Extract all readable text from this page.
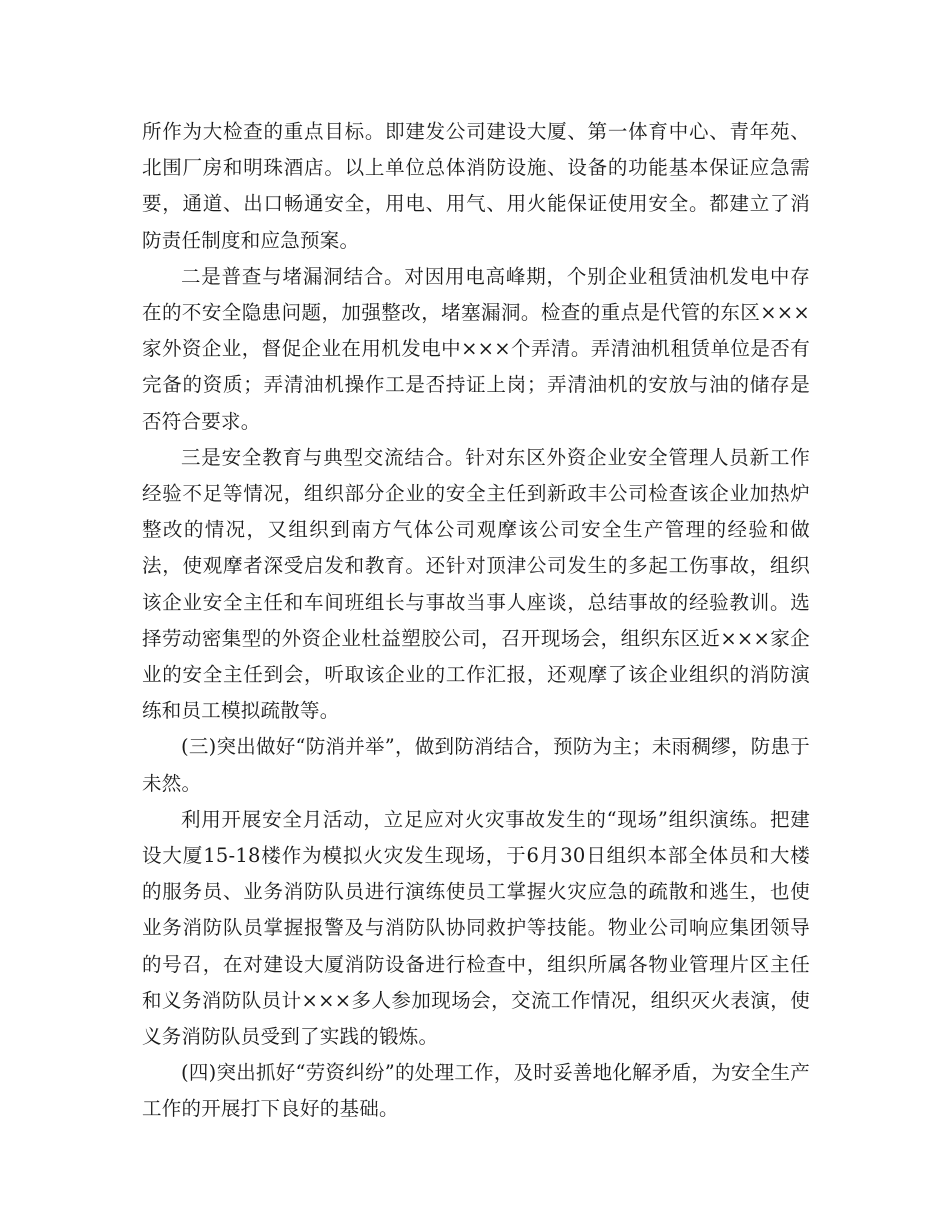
所作为大检查的重点目标。即建发公司建设大厦、第一体育中心、青年苑、北围厂房和明珠酒店。以上单位总体消防设施、设备的功能基本保证应急需要，通道、出口畅通安全，用电、用气、用火能保证使用安全。都建立了消防责任制度和应急预案。

二是普查与堵漏洞结合。对因用电高峰期，个别企业租赁油机发电中存在的不安全隐患问题，加强整改，堵塞漏洞。检查的重点是代管的东区×××家外资企业，督促企业在用机发电中×××个弄清。弄清油机租赁单位是否有完备的资质；弄清油机操作工是否持证上岗；弄清油机的安放与油的储存是否符合要求。

三是安全教育与典型交流结合。针对东区外资企业安全管理人员新工作经验不足等情况，组织部分企业的安全主任到新政丰公司检查该企业加热炉整改的情况，又组织到南方气体公司观摩该公司安全生产管理的经验和做法，使观摩者深受启发和教育。还针对顶津公司发生的多起工伤事故，组织该企业安全主任和车间班组长与事故当事人座谈，总结事故的经验教训。选择劳动密集型的外资企业杜益塑胶公司，召开现场会，组织东区近×××家企业的安全主任到会，听取该企业的工作汇报，还观摩了该企业组织的消防演练和员工模拟疏散等。

(三)突出做好“防消并举”，做到防消结合，预防为主；未雨稠缪，防患于未然。

利用开展安全月活动，立足应对火灾事故发生的“现场”组织演练。把建设大厦15-18楼作为模拟火灾发生现场，于6月30日组织本部全体员和大楼的服务员、业务消防队员进行演练使员工掌握火灾应急的疏散和逃生，也使业务消防队员掌握报警及与消防队协同救护等技能。物业公司响应集团领导的号召，在对建设大厦消防设备进行检查中，组织所属各物业管理片区主任和义务消防队员计×××多人参加现场会，交流工作情况，组织灭火表演，使义务消防队员受到了实践的锻炼。

(四)突出抓好“劳资纠纷”的处理工作，及时妥善地化解矛盾，为安全生产工作的开展打下良好的基础。
